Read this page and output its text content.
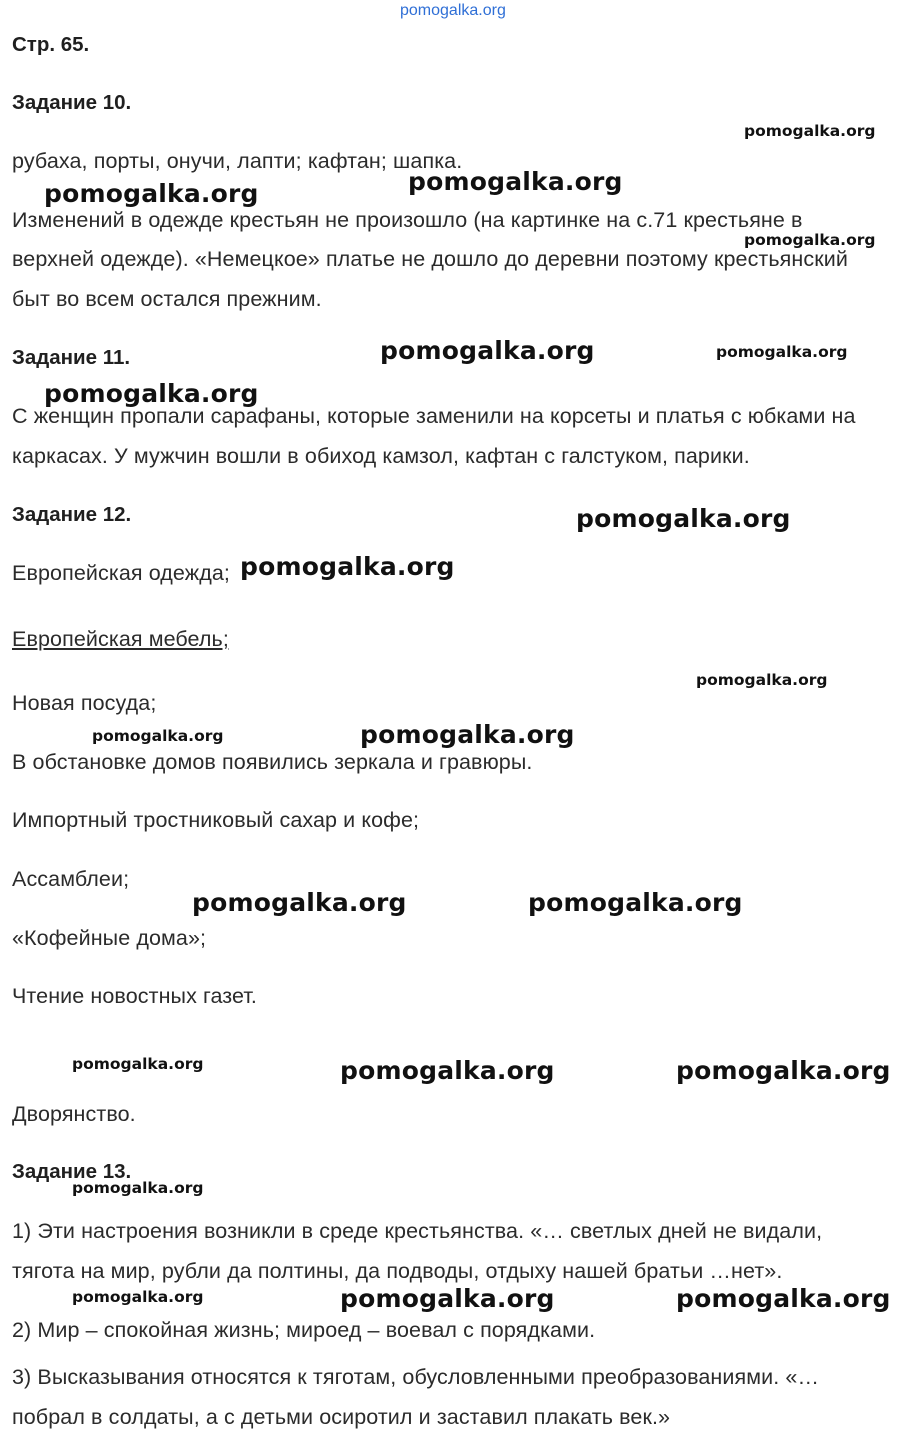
pomogalka.org
Стр. 65.
Задание 10.
рубаха, порты, онучи, лапти; кафтан; шапка.
Изменений в одежде крестьян не произошло (на картинке на с.71 крестьяне в
верхней одежде). «Немецкое» платье не дошло до деревни поэтому крестьянский
быт во всем остался прежним.
Задание 11.
С женщин пропали сарафаны, которые заменили на корсеты и платья с юбками на
каркасах. У мужчин вошли в обиход камзол, кафтан с галстуком, парики.
Задание 12.
Европейская одежда;
Европейская мебель;
Новая посуда;
В обстановке домов появились зеркала и гравюры.
Импортный тростниковый сахар и кофе;
Ассамблеи;
«Кофейные дома»;
Чтение новостных газет.
Дворянство.
Задание 13.
1) Эти настроения возникли в среде крестьянства. «… светлых дней не видали,
тягота на мир, рубли да полтины, да подводы, отдыху нашей братьи …нет».
2) Мир – спокойная жизнь; мироед – воевал с порядками.
3) Высказывания относятся к тяготам, обусловленными преобразованиями. «…
побрал в солдаты, а с детьми осиротил и заставил плакать век.»
pomogalka.org
pomogalka.org	pomogalka.org
pomogalka.org
pomogalka.org	pomogalka.org
pomogalka.org
pomogalka.org
pomogalka.org
pomogalka.org
pomogalka.org	pomogalka.org
pomogalka.org	pomogalka.org
pomogalka.org	pomogalka.org	pomogalka.org
pomogalka.org
pomogalka.org	pomogalka.org	pomogalka.org
